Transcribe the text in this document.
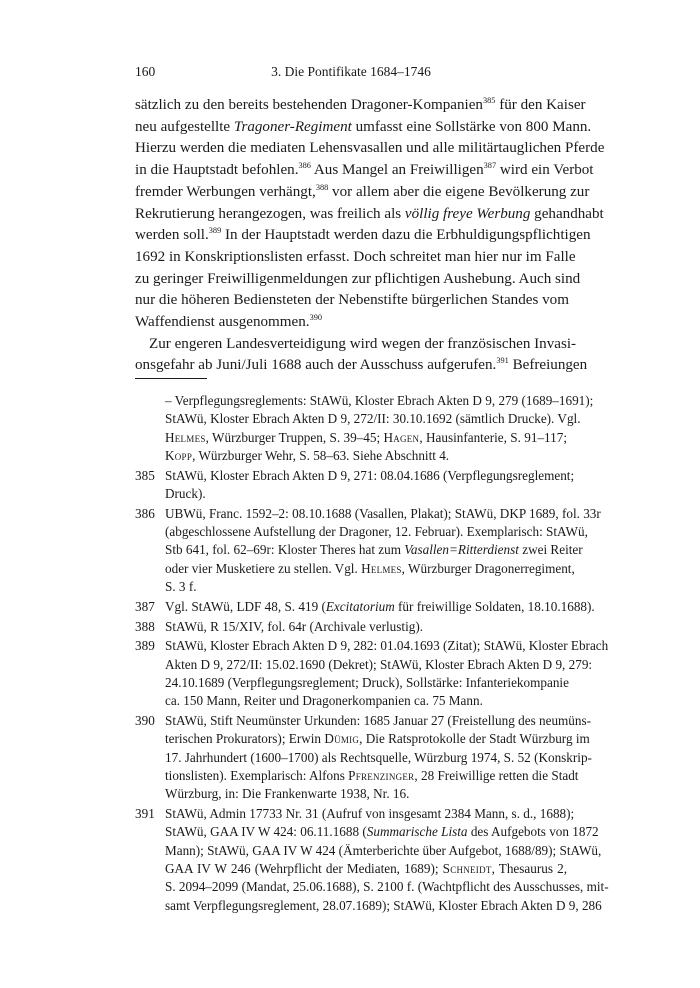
160	3. Die Pontifikate 1684–1746
sätzlich zu den bereits bestehenden Dragoner-Kompanien$^{385}$ für den Kaiser
neu aufgestellte Tragoner-Regiment umfasst eine Sollstärke von 800 Mann.
Hierzu werden die mediaten Lehensvasallen und alle militärtauglichen Pferde
in die Hauptstadt befohlen.$^{386}$ Aus Mangel an Freiwilligen$^{387}$ wird ein Verbot
fremder Werbungen verhängt,$^{388}$ vor allem aber die eigene Bevölkerung zur
Rekrutierung herangezogen, was freilich als völlig freye Werbung gehandhabt
werden soll.$^{389}$ In der Hauptstadt werden dazu die Erbhuldigungspflichtigen
1692 in Konskriptionslisten erfasst. Doch schreitet man hier nur im Falle
zu geringer Freiwilligenmeldungen zur pflichtigen Aushebung. Auch sind
nur die höheren Bediensteten der Nebenstifte bürgerlichen Standes vom
Waffendienst ausgenommen.$^{390}$
Zur engeren Landesverteidigung wird wegen der französischen Invasi-
onsgefahr ab Juni/Juli 1688 auch der Ausschuss aufgerufen.$^{391}$ Befreiungen
– Verpflegungsreglements: StAWü, Kloster Ebrach Akten D 9, 279 (1689–1691);
StAWü, Kloster Ebrach Akten D 9, 272/II: 30.10.1692 (sämtlich Drucke). Vgl.
Helmes, Würzburger Truppen, S. 39–45; Hagen, Hausinfanterie, S. 91–117;
Kopp, Würzburger Wehr, S. 58–63. Siehe Abschnitt 4.
385 StAWü, Kloster Ebrach Akten D 9, 271: 08.04.1686 (Verpflegungsreglement;
Druck).
386 UBWü, Franc. 1592–2: 08.10.1688 (Vasallen, Plakat); StAWü, DKP 1689, fol. 33r
(abgeschlossene Aufstellung der Dragoner, 12. Februar). Exemplarisch: StAWü,
Stb 641, fol. 62–69r: Kloster Theres hat zum Vasallen=Ritterdienst zwei Reiter
oder vier Musketiere zu stellen. Vgl. Helmes, Würzburger Dragonerregiment,
S. 3 f.
387 Vgl. StAWü, LDF 48, S. 419 (Excitatorium für freiwillige Soldaten, 18.10.1688).
388 StAWü, R 15/XIV, fol. 64r (Archivale verlustig).
389 StAWü, Kloster Ebrach Akten D 9, 282: 01.04.1693 (Zitat); StAWü, Kloster Ebrach
Akten D 9, 272/II: 15.02.1690 (Dekret); StAWü, Kloster Ebrach Akten D 9, 279:
24.10.1689 (Verpflegungsreglement; Druck), Sollstärke: Infanteriekompanie
ca. 150 Mann, Reiter und Dragonerkompanien ca. 75 Mann.
390 StAWü, Stift Neumünster Urkunden: 1685 Januar 27 (Freistellung des neumüns-
terischen Prokurators); Erwin Dümig, Die Ratsprotokolle der Stadt Würzburg im
17. Jahrhundert (1600–1700) als Rechtsquelle, Würzburg 1974, S. 52 (Konskrip-
tionslisten). Exemplarisch: Alfons Pfrenzinger, 28 Freiwillige retten die Stadt
Würzburg, in: Die Frankenwarte 1938, Nr. 16.
391 StAWü, Admin 17733 Nr. 31 (Aufruf von insgesamt 2384 Mann, s. d., 1688);
StAWü, GAA IV W 424: 06.11.1688 (Summarische Lista des Aufgebots von 1872
Mann); StAWü, GAA IV W 424 (Ämterberichte über Aufgebot, 1688/89); StAWü,
GAA IV W 246 (Wehrpflicht der Mediaten, 1689); Schneidt, Thesaurus 2,
S. 2094–2099 (Mandat, 25.06.1688), S. 2100 f. (Wachtpflicht des Ausschusses, mit-
samt Verpflegungsreglement, 28.07.1689); StAWü, Kloster Ebrach Akten D 9, 286
